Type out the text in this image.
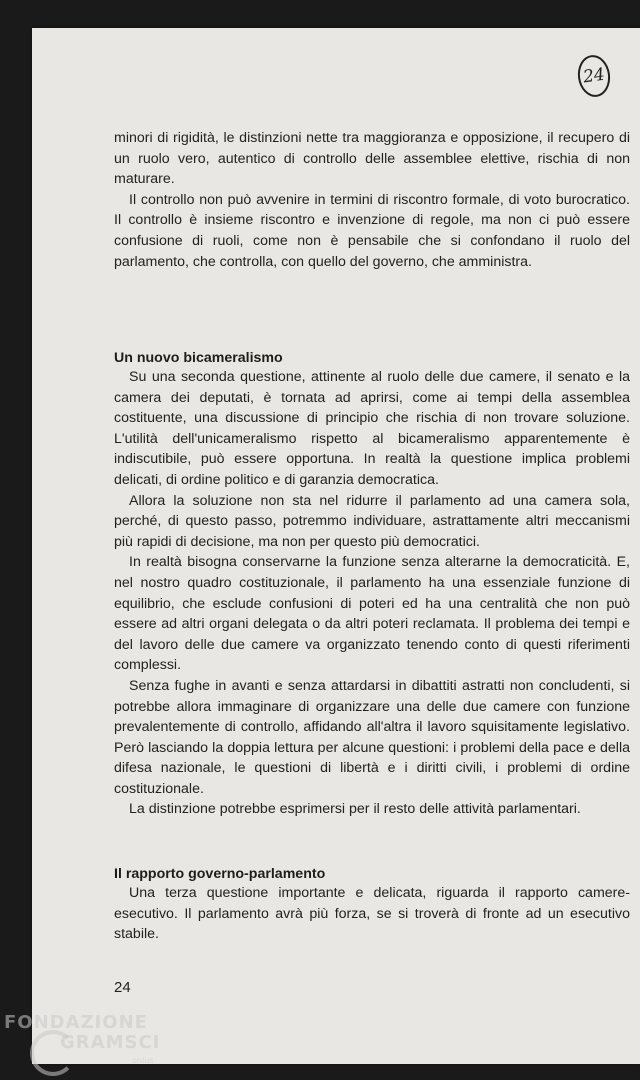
24

minori di rigidità, le distinzioni nette tra maggioranza e opposizione, il recupero di un ruolo vero, autentico di controllo delle assemblee elettive, rischia di non maturare.

Il controllo non può avvenire in termini di riscontro formale, di voto burocratico. Il controllo è insieme riscontro e invenzione di regole, ma non ci può essere confusione di ruoli, come non è pensabile che si confondano il ruolo del parlamento, che controlla, con quello del governo, che amministra.

Un nuovo bicameralismo

Su una seconda questione, attinente al ruolo delle due camere, il senato e la camera dei deputati, è tornata ad aprirsi, come ai tempi della assemblea costituente, una discussione di principio che rischia di non trovare soluzione. L'utilità dell'unicameralismo rispetto al bicameralismo apparentemente è indiscutibile, può essere opportuna. In realtà la questione implica problemi delicati, di ordine politico e di garanzia democratica.

Allora la soluzione non sta nel ridurre il parlamento ad una camera sola, perché, di questo passo, potremmo individuare, astrattamente altri meccanismi più rapidi di decisione, ma non per questo più democratici.

In realtà bisogna conservarne la funzione senza alterarne la democraticità. E, nel nostro quadro costituzionale, il parlamento ha una essenziale funzione di equilibrio, che esclude confusioni di poteri ed ha una centralità che non può essere ad altri organi delegata o da altri poteri reclamata. Il problema dei tempi e del lavoro delle due camere va organizzato tenendo conto di questi riferimenti complessi.

Senza fughe in avanti e senza attardarsi in dibattiti astratti non concludenti, si potrebbe allora immaginare di organizzare una delle due camere con funzione prevalentemente di controllo, affidando all'altra il lavoro squisitamente legislativo. Però lasciando la doppia lettura per alcune questioni: i problemi della pace e della difesa nazionale, le questioni di libertà e i diritti civili, i problemi di ordine costituzionale.

La distinzione potrebbe esprimersi per il resto delle attività parlamentari.

Il rapporto governo-parlamento

Una terza questione importante e delicata, riguarda il rapporto camere-esecutivo. Il parlamento avrà più forza, se si troverà di fronte ad un esecutivo stabile.

24
FONDAZIONE
GRAMSCI
onlus
